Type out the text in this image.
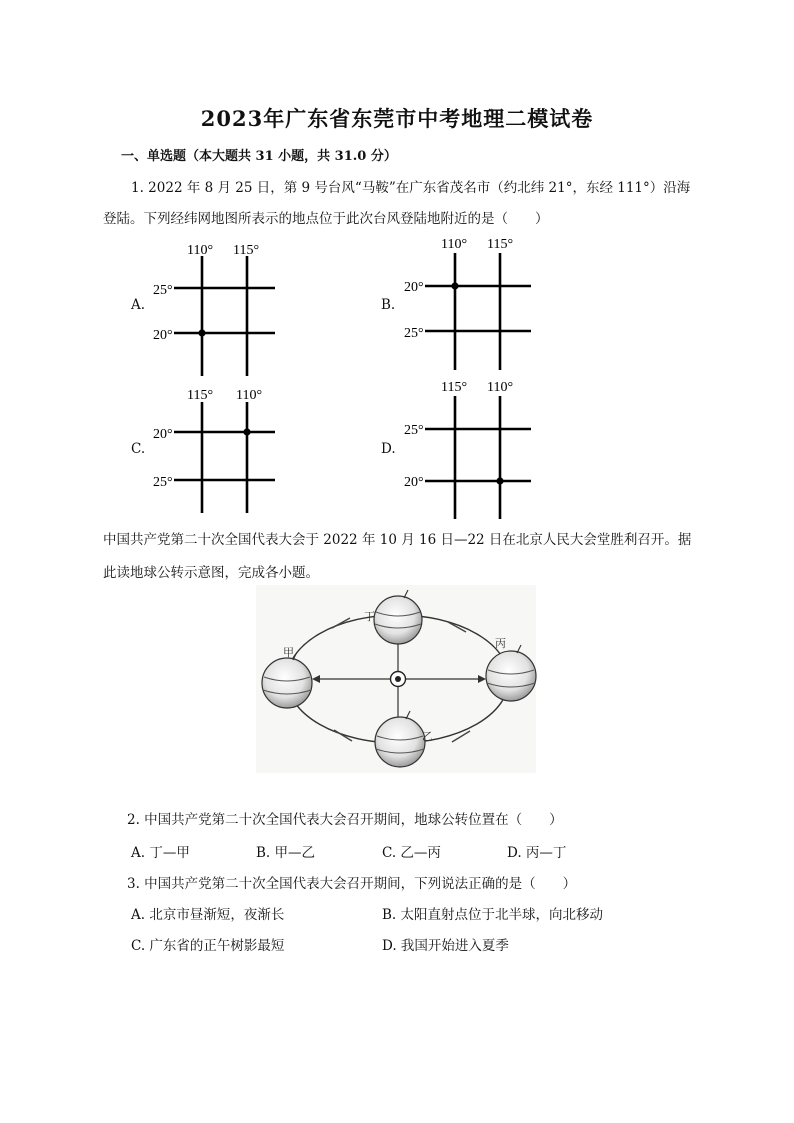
2023年广东省东莞市中考地理二模试卷
一、单选题（本大题共 31 小题，共 31.0 分）
1. 2022 年 8 月 25 日，第 9 号台风“马鞍”在广东省茂名市（约北纬 21°，东经 111°）沿海
登陆。下列经纬网地图所表示的地点位于此次台风登陆地附近的是（　　）
A.	B.
C.	D.
110° 115°
25°
20°
110° 115°
20°
25°
115° 110°
20°
25°
115° 110°
25°
20°
丁
甲
丙
乙
中国共产党第二十次全国代表大会于 2022 年 10 月 16 日—22 日在北京人民大会堂胜利召开。据
此读地球公转示意图，完成各小题。
2. 中国共产党第二十次全国代表大会召开期间，地球公转位置在（　　）
A. 丁—甲	B. 甲—乙	C. 乙—丙	D. 丙—丁
3. 中国共产党第二十次全国代表大会召开期间，下列说法正确的是（　　）
A. 北京市昼渐短，夜渐长	B. 太阳直射点位于北半球，向北移动
C. 广东省的正午树影最短	D. 我国开始进入夏季
